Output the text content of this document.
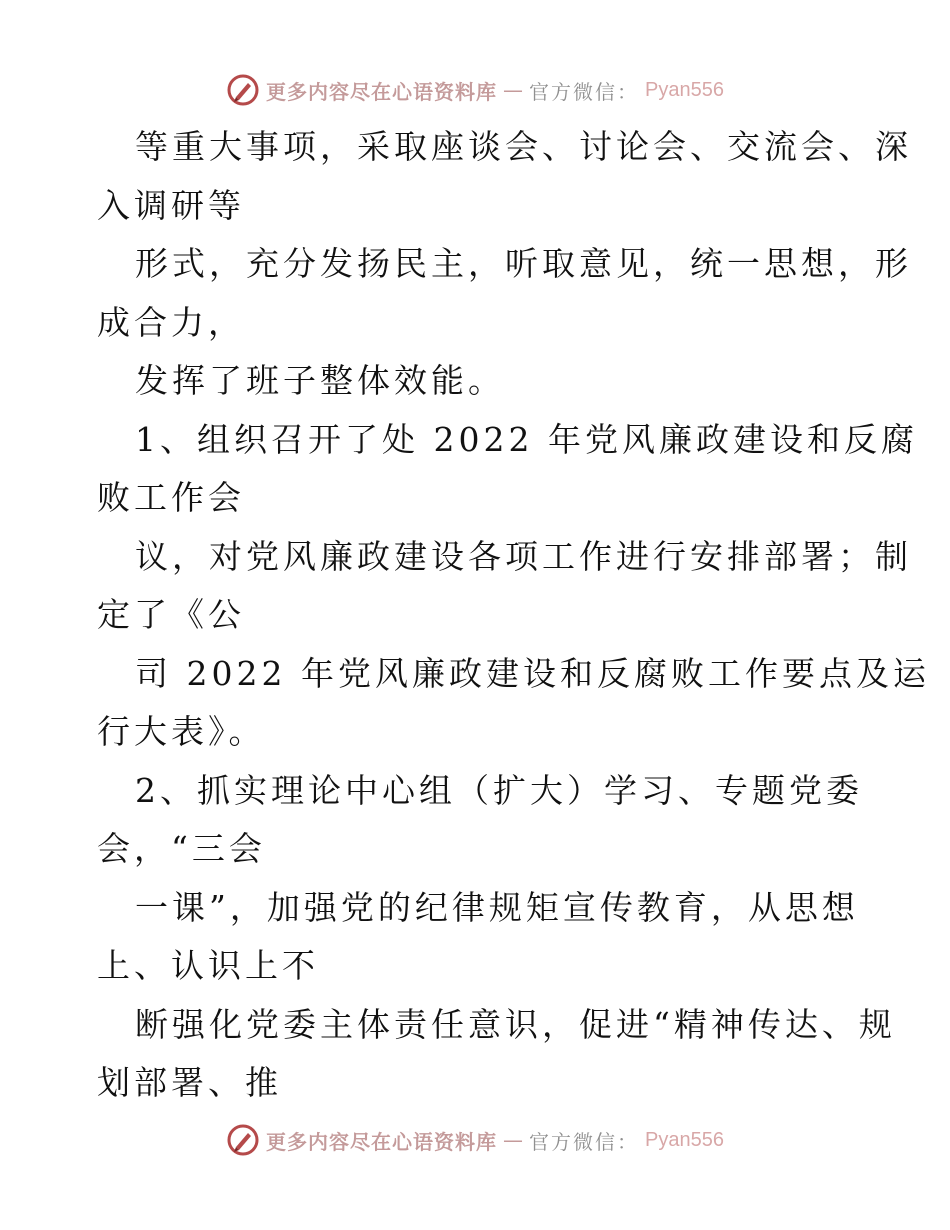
更多内容尽在心语资料库 — 官方微信： Pyan556
等重大事项，采取座谈会、讨论会、交流会、深
入调研等
形式，充分发扬民主，听取意见，统一思想，形
成合力，
发挥了班子整体效能。
1、组织召开了处 2022 年党风廉政建设和反腐
败工作会
议，对党风廉政建设各项工作进行安排部署；制
定了《公
司 2022 年党风廉政建设和反腐败工作要点及运
行大表》。
2、抓实理论中心组（扩大）学习、专题党委
会，“三会
一课”，加强党的纪律规矩宣传教育，从思想
上、认识上不
断强化党委主体责任意识，促进“精神传达、规
划部署、推
更多内容尽在心语资料库 — 官方微信： Pyan556
